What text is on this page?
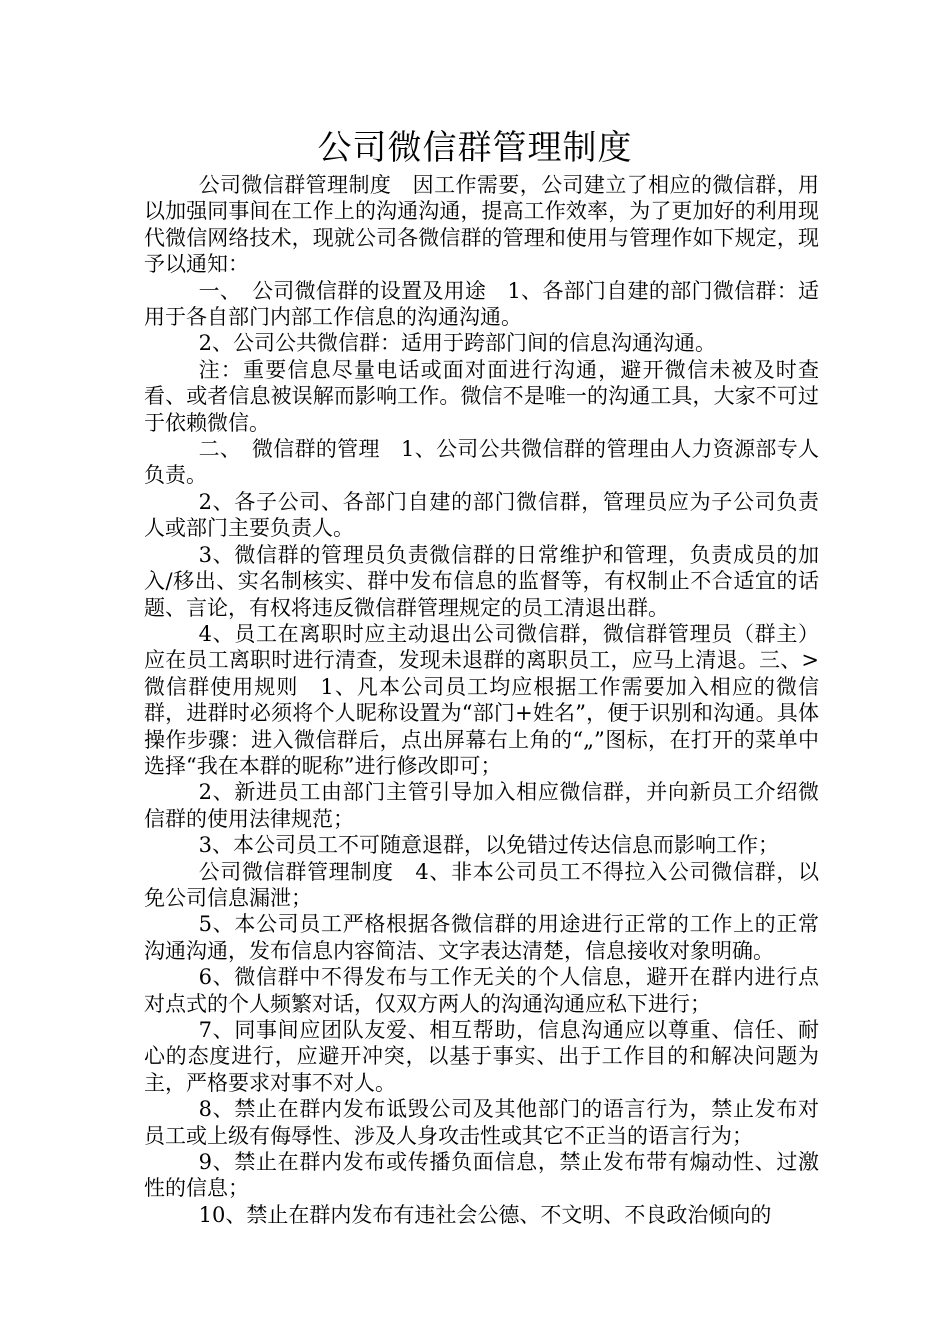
公司微信群管理制度

公司微信群管理制度　因工作需要，公司建立了相应的微信群，用以加强同事间在工作上的沟通沟通，提高工作效率，为了更加好的利用现代微信网络技术，现就公司各微信群的管理和使用与管理作如下规定，现予以通知：

一、　公司微信群的设置及用途　1、各部门自建的部门微信群：适用于各自部门内部工作信息的沟通沟通。

2、公司公共微信群：适用于跨部门间的信息沟通沟通。

注：重要信息尽量电话或面对面进行沟通，避开微信未被及时查看、或者信息被误解而影响工作。微信不是唯一的沟通工具，大家不可过于依赖微信。

二、　微信群的管理　1、公司公共微信群的管理由人力资源部专人负责。

2、各子公司、各部门自建的部门微信群，管理员应为子公司负责人或部门主要负责人。

3、微信群的管理员负责微信群的日常维护和管理，负责成员的加入/移出、实名制核实、群中发布信息的监督等，有权制止不合适宜的话题、言论，有权将违反微信群管理规定的员工清退出群。

4、员工在离职时应主动退出公司微信群，微信群管理员（群主）应在员工离职时进行清查，发现未退群的离职员工，应马上清退。三、> 微信群使用规则　1、凡本公司员工均应根据工作需要加入相应的微信群，进群时必须将个人昵称设置为“部门+姓名”，便于识别和沟通。具体操作步骤：进入微信群后，点出屏幕右上角的“„”图标，在打开的菜单中选择“我在本群的昵称”进行修改即可；

2、新进员工由部门主管引导加入相应微信群，并向新员工介绍微信群的使用法律规范；

3、本公司员工不可随意退群，以免错过传达信息而影响工作；

公司微信群管理制度　4、非本公司员工不得拉入公司微信群，以免公司信息漏泄；

5、本公司员工严格根据各微信群的用途进行正常的工作上的正常沟通沟通，发布信息内容简洁、文字表达清楚，信息接收对象明确。

6、微信群中不得发布与工作无关的个人信息，避开在群内进行点对点式的个人频繁对话，仅双方两人的沟通沟通应私下进行；

7、同事间应团队友爱、相互帮助，信息沟通应以尊重、信任、耐心的态度进行，应避开冲突，以基于事实、出于工作目的和解决问题为主，严格要求对事不对人。

8、禁止在群内发布诋毁公司及其他部门的语言行为，禁止发布对员工或上级有侮辱性、涉及人身攻击性或其它不正当的语言行为；

9、禁止在群内发布或传播负面信息，禁止发布带有煽动性、过激性的信息；

10、禁止在群内发布有违社会公德、不文明、不良政治倾向的
